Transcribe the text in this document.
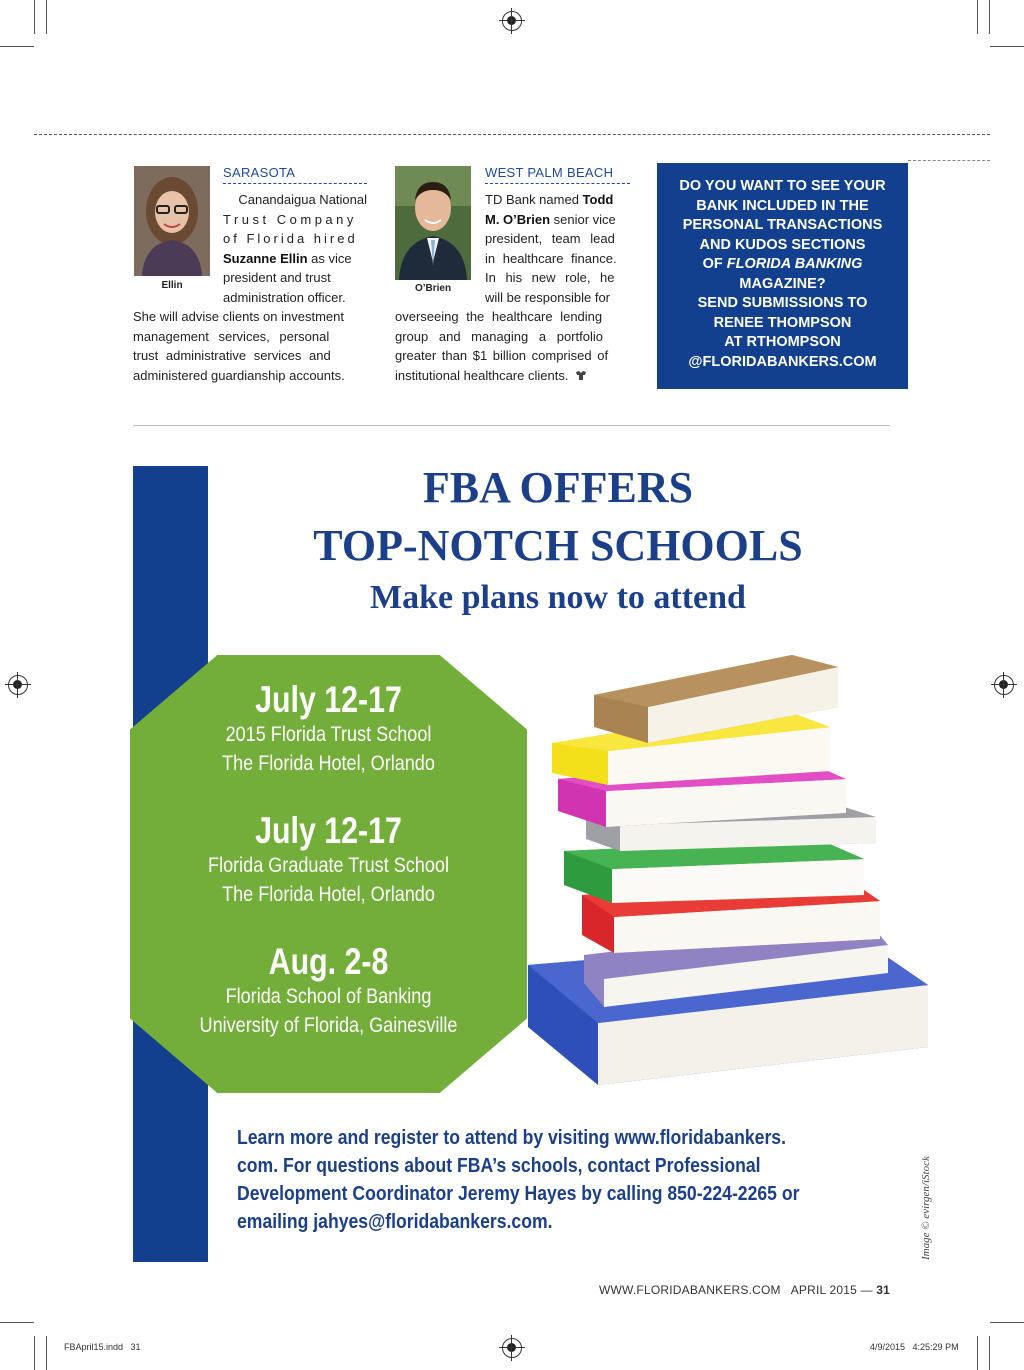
Ellin
SARASOTA
Canandaigua National
Trust Company
of Florida hired
Suzanne Ellin as vice
president and trust
administration officer.
She will advise clients on investment
management services, personal
trust administrative services and
administered guardianship accounts.
O’Brien
WEST PALM BEACH
TD Bank named Todd
M. O’Brien senior vice
president, team lead
in healthcare finance.
In his new role, he
will be responsible for
overseeing the healthcare lending
group and managing a portfolio
greater than $1 billion comprised of
institutional healthcare clients.
DO YOU WANT TO SEE YOUR
BANK INCLUDED IN THE
PERSONAL TRANSACTIONS
AND KUDOS SECTIONS
OF FLORIDA BANKING
MAGAZINE?
SEND SUBMISSIONS TO
RENEE THOMPSON
AT RTHOMPSON
@FLORIDABANKERS.COM
FBA OFFERS
TOP-NOTCH SCHOOLS
Make plans now to attend
July 12-17
2015 Florida Trust School
The Florida Hotel, Orlando
July 12-17
Florida Graduate Trust School
The Florida Hotel, Orlando
Aug. 2-8
Florida School of Banking
University of Florida, Gainesville
Learn more and register to attend by visiting www.floridabankers.
com. For questions about FBA’s schools, contact Professional
Development Coordinator Jeremy Hayes by calling 850-224-2265 or
emailing jahyes@floridabankers.com.	Image © evirgen/iStock
WWW.FLORIDABANKERS.COM APRIL 2015 — 31
FBApril15.indd   31	4/9/2015   4:25:29 PM
